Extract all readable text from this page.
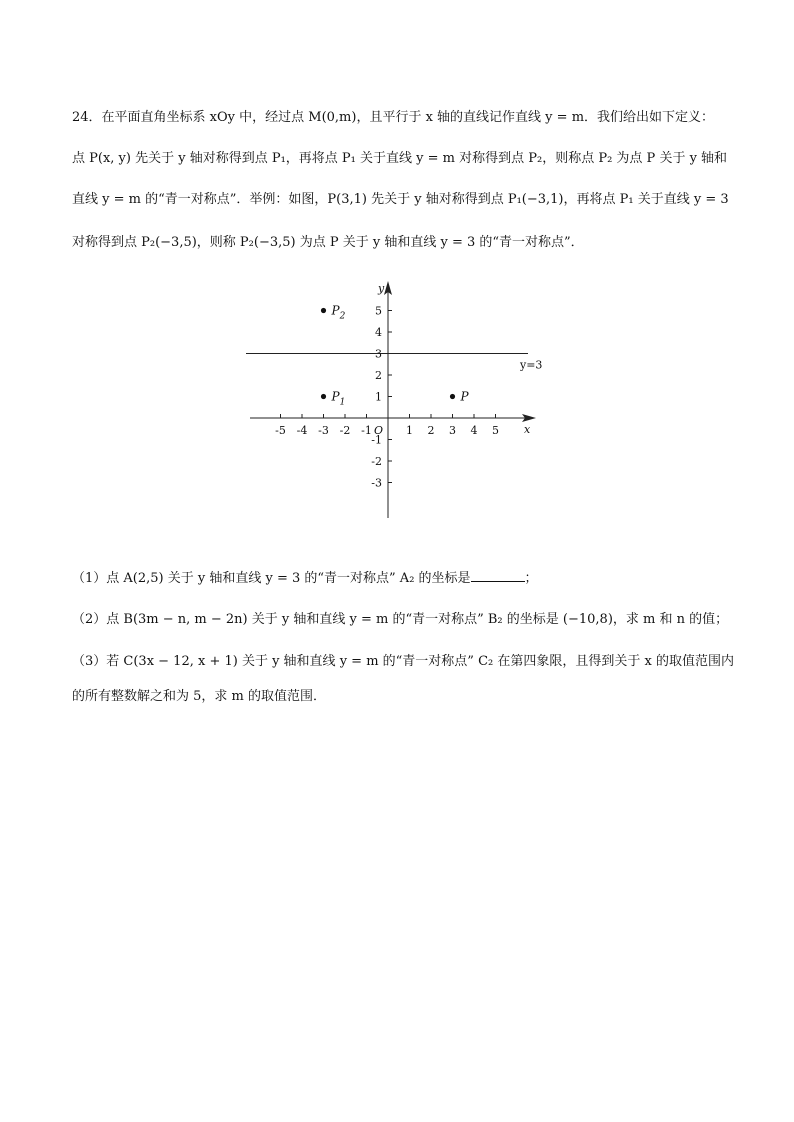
24．在平面直角坐标系 xOy 中，经过点 M(0,m)，且平行于 x 轴的直线记作直线 y = m．我们给出如下定义：
点 P(x, y) 先关于 y 轴对称得到点 P₁，再将点 P₁ 关于直线 y = m 对称得到点 P₂，则称点 P₂ 为点 P 关于 y 轴和
直线 y = m 的“青一对称点”．举例：如图，P(3,1) 先关于 y 轴对称得到点 P₁(−3,1)，再将点 P₁ 关于直线 y = 3
对称得到点 P₂(−3,5)，则称 P₂(−3,5) 为点 P 关于 y 轴和直线 y = 3 的“青一对称点”．
-5 -4 -3 -2 -1	1 2 3 4 5
-3
-2
-1
1
2
3
4
5
x
y
O
y=3
$P_2$
$P_1$	P
（1）点 A(2,5) 关于 y 轴和直线 y = 3 的“青一对称点” A₂ 的坐标是	；
（2）点 B(3m − n, m − 2n) 关于 y 轴和直线 y = m 的“青一对称点” B₂ 的坐标是 (−10,8)，求 m 和 n 的值；
（3）若 C(3x − 12, x + 1) 关于 y 轴和直线 y = m 的“青一对称点” C₂ 在第四象限，且得到关于 x 的取值范围内
的所有整数解之和为 5，求 m 的取值范围．
